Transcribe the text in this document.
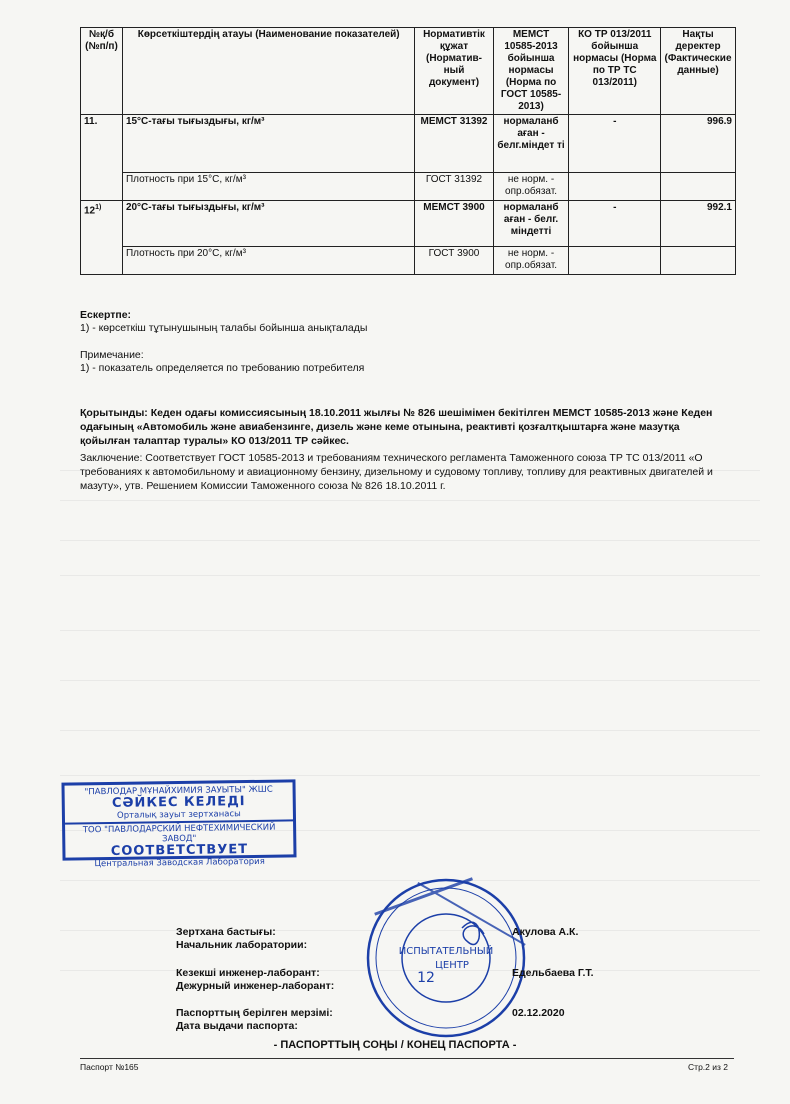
№қ/б (№п/п)	Көрсеткіштердің атауы (Наименование показателей)	Нормативтік құжат (Норматив-ный документ)	МЕМСТ 10585-2013 бойынша нормасы (Норма по ГОСТ 10585-2013)	КО ТР 013/2011 бойынша нормасы (Норма по ТР ТС 013/2011)	Нақты деректер (Фактические данные)
11.	15°С-тағы тығыздығы, кг/м³	МЕМСТ 31392	нормаланб аған - белг.міндет ті	-	996.9
	Плотность при 15°С, кг/м³	ГОСТ 31392	не норм. - опр.обязат.		
12$^{1)}$	20°С-тағы тығыздығы, кг/м³	МЕМСТ 3900	нормаланб аған - белг. міндетті	-	992.1
	Плотность при 20°С, кг/м³	ГОСТ 3900	не норм. - опр.обязат.		
Ескертпе:
1) - көрсеткіш тұтынушының талабы бойынша анықталады
Примечание:
1) - показатель определяется по требованию потребителя
Қорытынды: Кеден одағы комиссиясының 18.10.2011 жылғы № 826 шешімімен бекітілген МЕМСТ 10585-2013 және Кеден одағының «Автомобиль және авиабензинге, дизель және кеме отынына, реактивті қозғалтқыштарға және мазутқа қойылған талаптар туралы» КО 013/2011 ТР сәйкес.
Заключение: Соответствует ГОСТ 10585-2013 и требованиям технического регламента Таможенного союза ТР ТС 013/2011 «О требованиях к автомобильному и авиационному бензину, дизельному и судовому топливу, топливу для реактивных двигателей и мазуту», утв. Решением Комиссии Таможенного союза № 826 18.10.2011 г.
"ПАВЛОДАР МҰНАЙХИМИЯ ЗАУЫТЫ" ЖШС
СӘЙКЕС КЕЛЕДІ
Орталық зауыт зертханасы
ТОО "ПАВЛОДАРСКИЙ НЕФТЕХИМИЧЕСКИЙ ЗАВОД"
СООТВЕТСТВУЕТ
Центральная Заводская Лаборатория
ИСПЫТАТЕЛЬНЫЙ
ЦЕНТР
12
Зертхана бастығы:
Начальник лаборатории:
Акулова А.К.
Кезекші инженер-лаборант:
Дежурный инженер-лаборант:
Едельбаева Г.Т.
Паспорттың берілген мерзімі:
Дата выдачи паспорта:
02.12.2020
- ПАСПОРТТЫҢ СОҢЫ / КОНЕЦ ПАСПОРТА -
Паспорт №165	Стр.2 из 2
